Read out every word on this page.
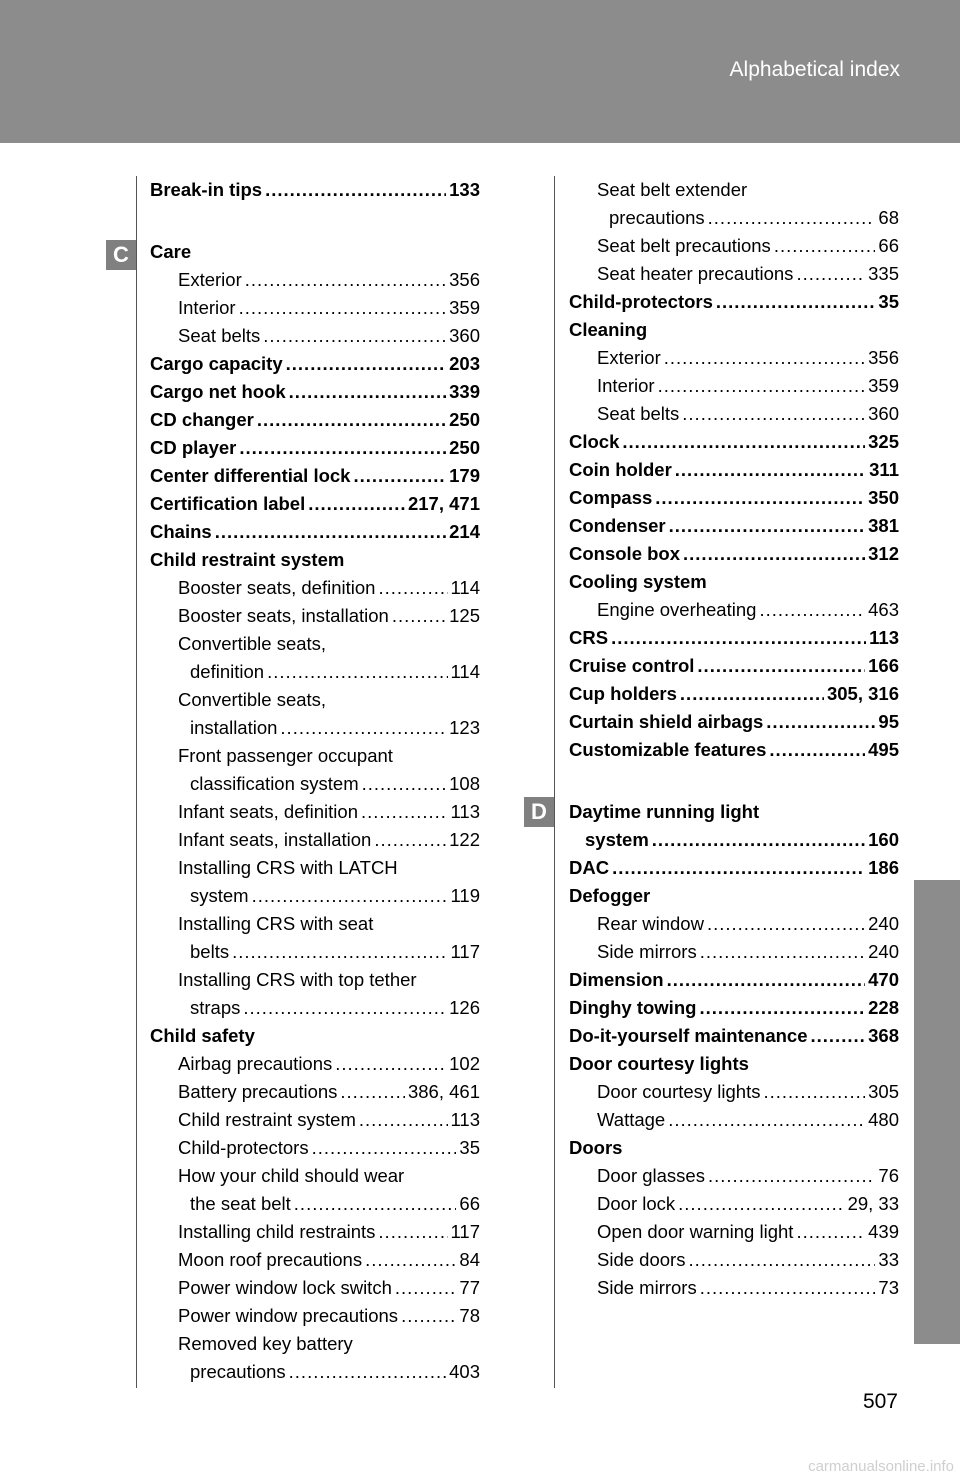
Alphabetical index
C
D
Break-in tips .....	133
Care
Exterior .....	356
Interior .....	359
Seat belts .....	360
Cargo capacity .....	203
Cargo net hook .....	339
CD changer .....	250
CD player .....	250
Center differential lock .....	179
Certification label .....	217, 471
Chains .....	214
Child restraint system
Booster seats, definition .....	114
Booster seats, installation .....	125
Convertible seats,
definition .....	114
Convertible seats,
installation .....	123
Front passenger occupant
classification system .....	108
Infant seats, definition .....	113
Infant seats, installation .....	122
Installing CRS with LATCH
system .....	119
Installing CRS with seat
belts .....	117
Installing CRS with top tether
straps .....	126
Child safety
Airbag precautions .....	102
Battery precautions .....	386, 461
Child restraint system .....	113
Child-protectors .....	35
How your child should wear
the seat belt .....	66
Installing child restraints .....	117
Moon roof precautions .....	84
Power window lock switch .....	77
Power window precautions .....	78
Removed key battery
precautions .....	403
Seat belt extender
precautions .....	68
Seat belt precautions .....	66
Seat heater precautions .....	335
Child-protectors .....	35
Cleaning
Exterior .....	356
Interior .....	359
Seat belts .....	360
Clock .....	325
Coin holder .....	311
Compass .....	350
Condenser .....	381
Console box .....	312
Cooling system
Engine overheating .....	463
CRS .....	113
Cruise control .....	166
Cup holders .....	305, 316
Curtain shield airbags .....	95
Customizable features .....	495
Daytime running light
system .....	160
DAC .....	186
Defogger
Rear window .....	240
Side mirrors .....	240
Dimension .....	470
Dinghy towing .....	228
Do-it-yourself maintenance .....	368
Door courtesy lights
Door courtesy lights .....	305
Wattage .....	480
Doors
Door glasses .....	76
Door lock .....	29, 33
Open door warning light .....	439
Side doors .....	33
Side mirrors .....	73
507
carmanualsonline.info
